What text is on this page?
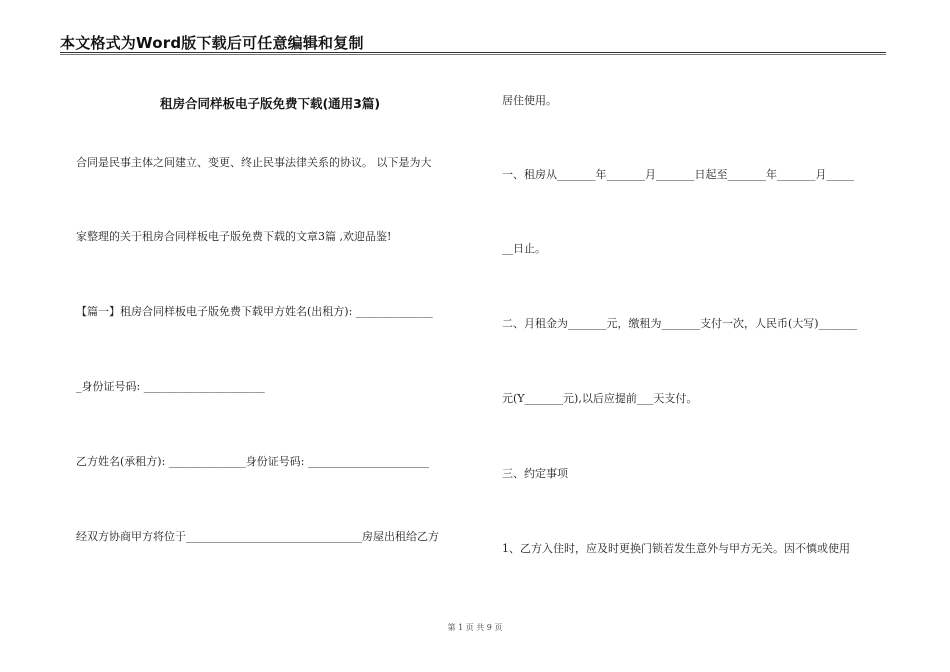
本文格式为Word版下载后可任意编辑和复制
租房合同样板电子版免费下载(通用3篇)
合同是民事主体之间建立、变更、终止民事法律关系的协议。 以下是为大
家整理的关于租房合同样板电子版免费下载的文章3篇 ,欢迎品鉴!
【篇一】租房合同样板电子版免费下载甲方姓名(出租方): ______________
_身份证号码: ______________________
乙方姓名(承租方): ______________身份证号码: ______________________
经双方协商甲方将位于________________________________房屋出租给乙方
居住使用。
一、租房从_______年_______月_______日起至_______年_______月_____
__日止。
二、月租金为_______元，缴租为_______支付一次，人民币(大写)_______
元(Y_______元),以后应提前___天支付。
三、约定事项
1、乙方入住时，应及时更换门锁若发生意外与甲方无关。因不慎或使用
第 1 页 共 9 页
